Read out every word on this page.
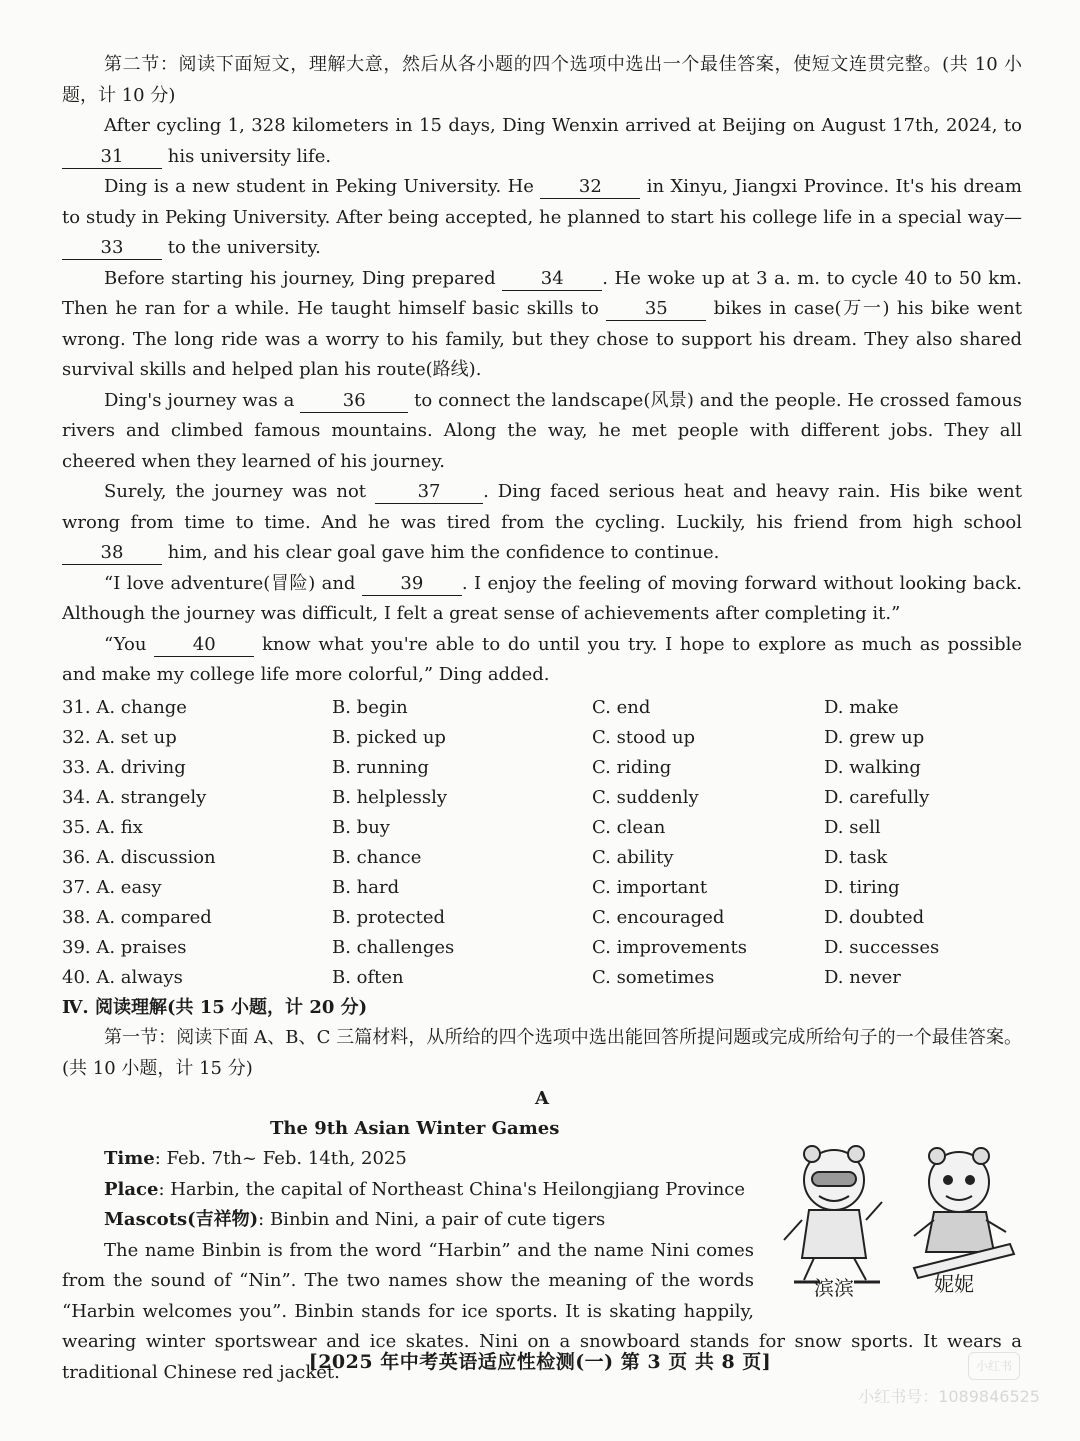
第二节：阅读下面短文，理解大意，然后从各小题的四个选项中选出一个最佳答案，使短文连贯完整。(共 10 小题，计 10 分)

After cycling 1, 328 kilometers in 15 days, Ding Wenxin arrived at Beijing on August 17th, 2024, to 31 his university life.

Ding is a new student in Peking University. He 32 in Xinyu, Jiangxi Province. It's his dream to study in Peking University. After being accepted, he planned to start his college life in a special way— 33 to the university.

Before starting his journey, Ding prepared	34 . He woke up at 3 a. m. to cycle 40 to 50 km. Then he ran for a while. He taught himself basic skills to	35	bikes in case(万一) his bike went wrong. The long ride was a worry to his family, but they chose to support his dream. They also shared survival skills and helped plan his route(路线).

Ding's journey was a	36	to connect the landscape(风景) and the people. He crossed famous rivers and climbed famous mountains. Along the way, he met people with different jobs. They all cheered when they learned of his journey.

Surely, the journey was not	37 . Ding faced serious heat and heavy rain. His bike went wrong from time to time. And he was tired from the cycling. Luckily, his friend from high school 38 him, and his clear goal gave him the confidence to continue.

“I love adventure(冒险) and 39 . I enjoy the feeling of moving forward without looking back. Although the journey was difficult, I felt a great sense of achievements after completing it.”

“You	40	know what you're able to do until you try. I hope to explore as much as possible and make my college life more colorful,” Ding added.

31. A. change	B. begin	C. end	D. make
32. A. set up	B. picked up	C. stood up	D. grew up
33. A. driving	B. running	C. riding	D. walking
34. A. strangely	B. helplessly	C. suddenly	D. carefully
35. A. fix	B. buy	C. clean	D. sell
36. A. discussion	B. chance	C. ability	D. task
37. A. easy	B. hard	C. important	D. tiring
38. A. compared	B. protected	C. encouraged	D. doubted
39. A. praises	B. challenges	C. improvements	D. successes
40. A. always	B. often	C. sometimes	D. never

Ⅳ. 阅读理解(共 15 小题，计 20 分)

第一节：阅读下面 A、B、C 三篇材料，从所给的四个选项中选出能回答所提问题或完成所给句子的一个最佳答案。(共 10 小题，计 15 分)

A
The 9th Asian Winter Games

Time: Feb. 7th~ Feb. 14th, 2025

Place: Harbin, the capital of Northeast China's Heilongjiang Province

Mascots(吉祥物): Binbin and Nini, a pair of cute tigers

滨滨	妮妮

The name Binbin is from the word “Harbin” and the name Nini comes from the sound of “Nin”. The two names show the meaning of the words “Harbin welcomes you”. Binbin stands for ice sports. It is skating happily, wearing winter sportswear and ice skates. Nini on a snowboard stands for snow sports. It wears a traditional Chinese red jacket.

[2025 年中考英语适应性检测(一) 第 3 页 共 8 页]	小红书
小红书号：1089846525
